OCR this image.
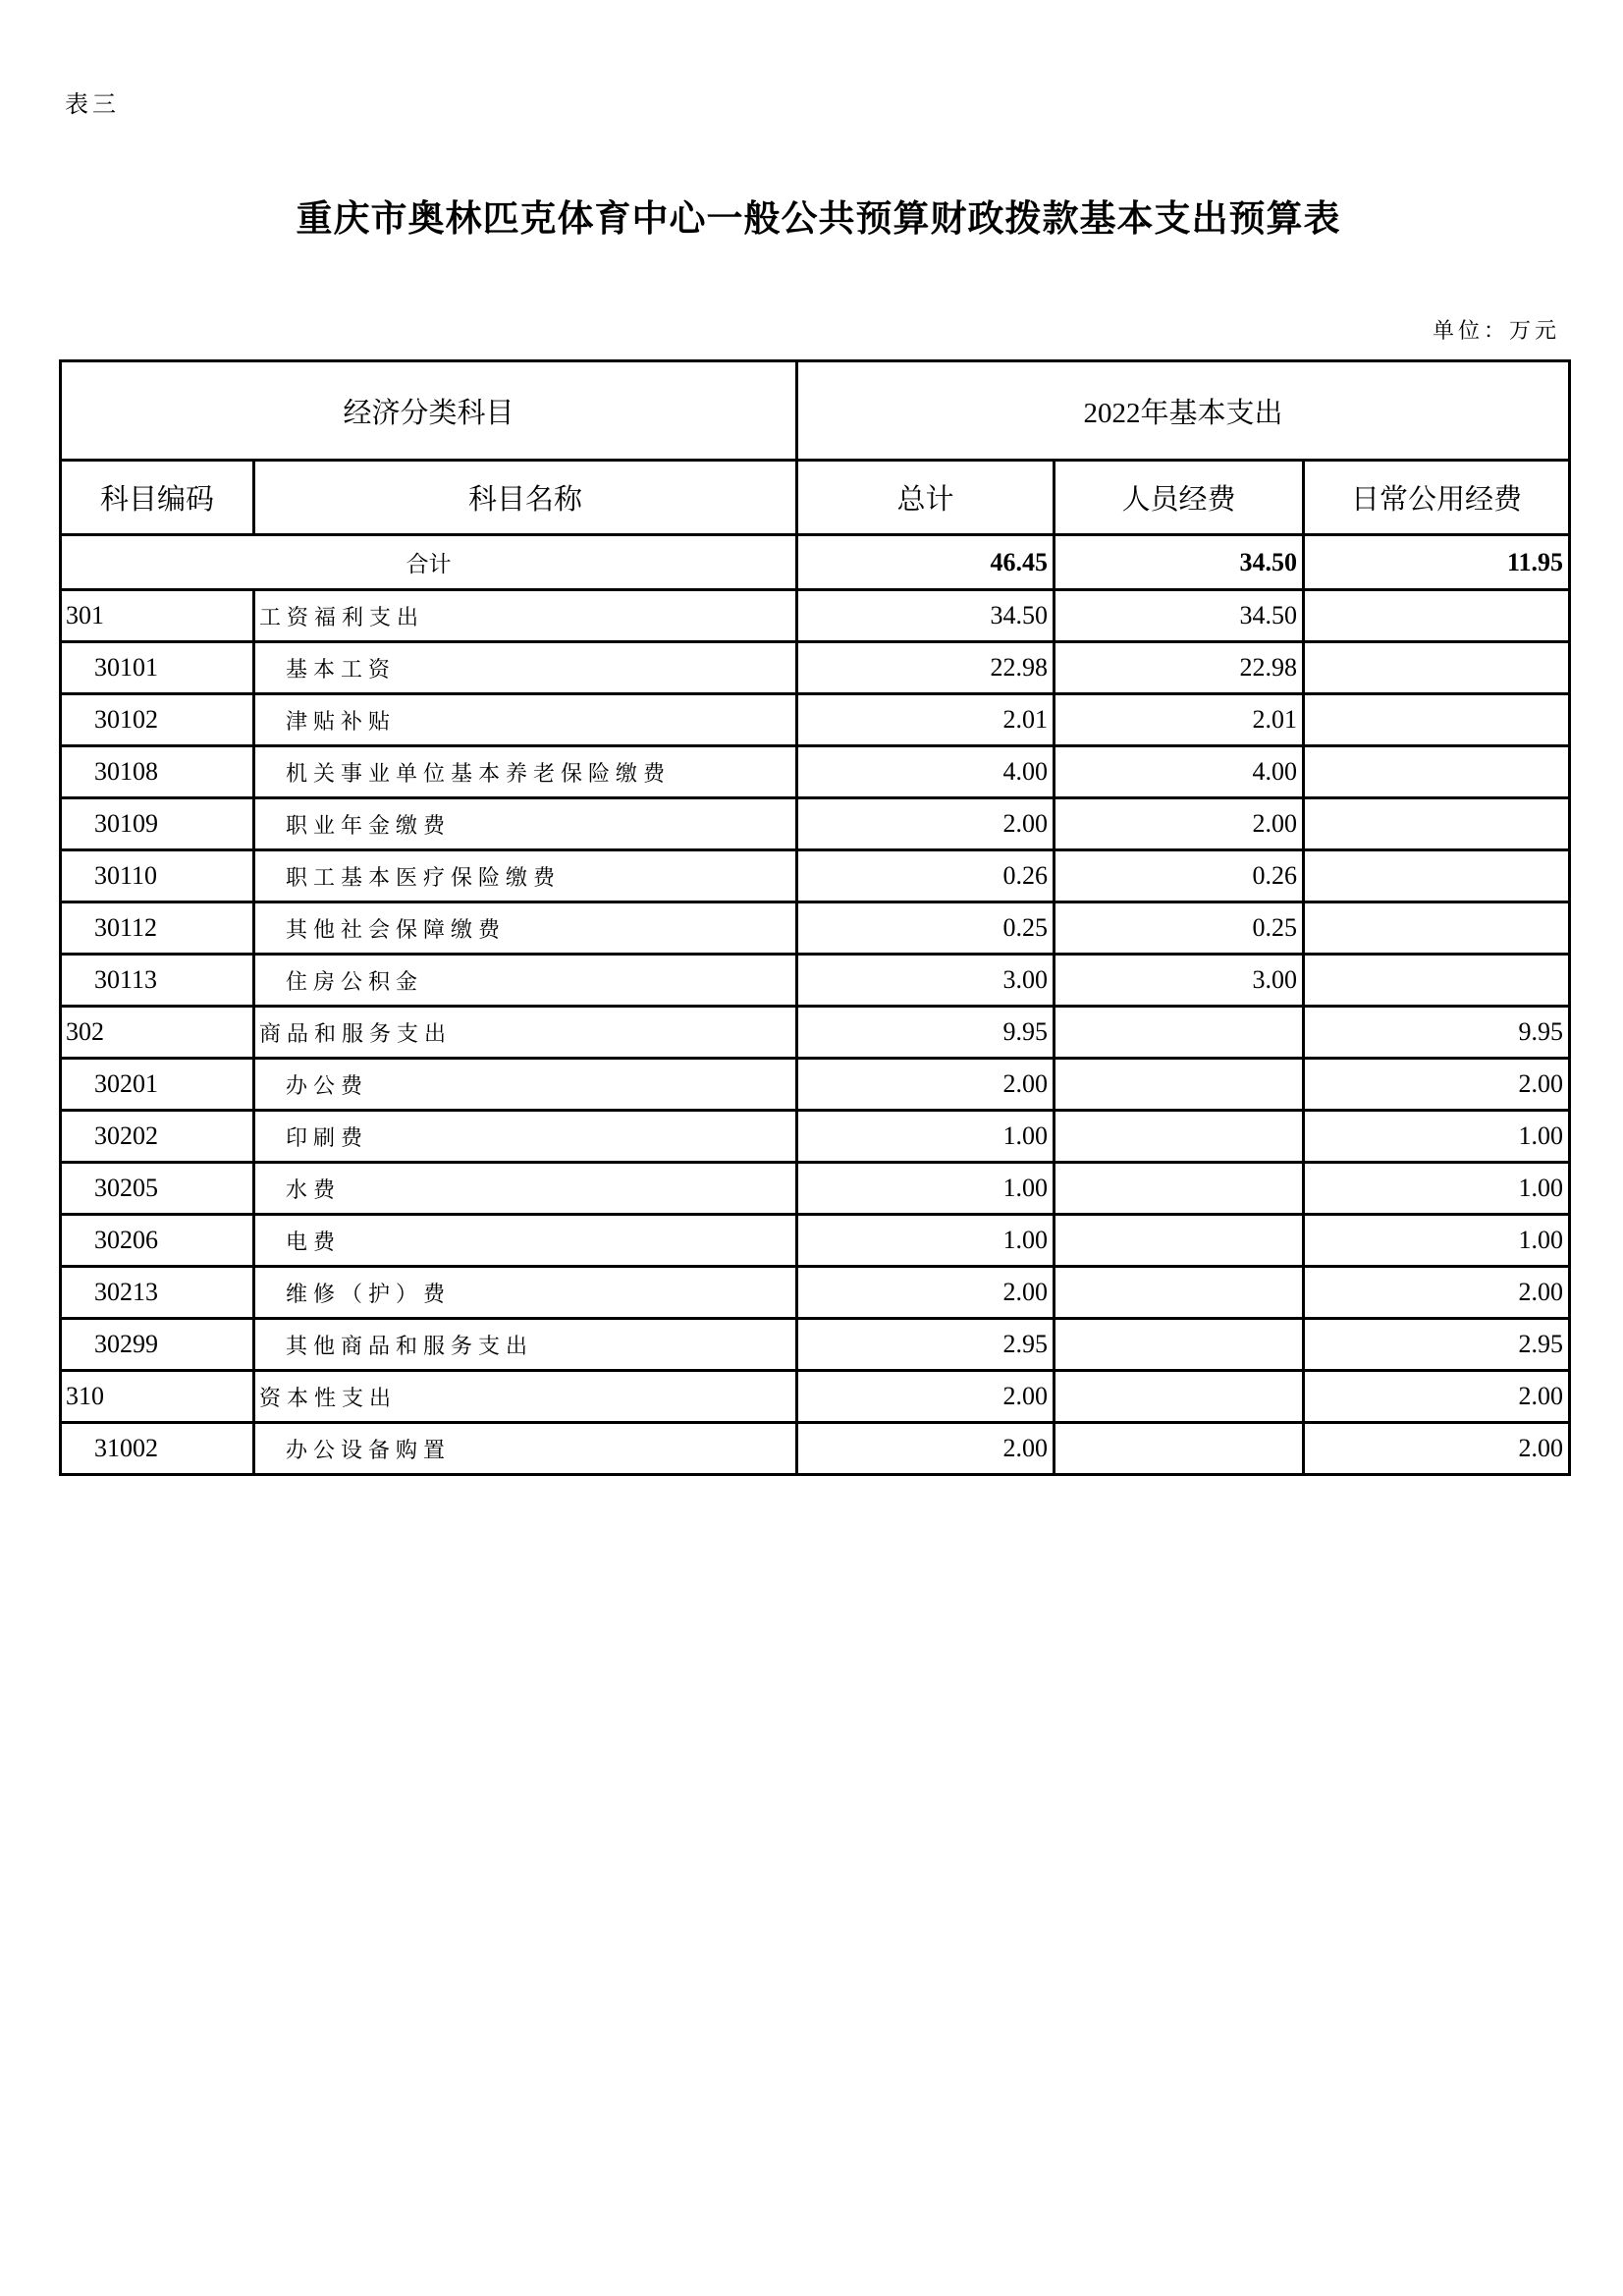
表三
重庆市奥林匹克体育中心一般公共预算财政拨款基本支出预算表
单位：万元
经济分类科目		2022年基本支出		
科目编码	科目名称	总计	人员经费	日常公用经费
合计		46.45	34.50	11.95
301	工资福利支出	34.50	34.50	
30101	基本工资	22.98	22.98	
30102	津贴补贴	2.01	2.01	
30108	机关事业单位基本养老保险缴费	4.00	4.00	
30109	职业年金缴费	2.00	2.00	
30110	职工基本医疗保险缴费	0.26	0.26	
30112	其他社会保障缴费	0.25	0.25	
30113	住房公积金	3.00	3.00	
302	商品和服务支出	9.95		9.95
30201	办公费	2.00		2.00
30202	印刷费	1.00		1.00
30205	水费	1.00		1.00
30206	电费	1.00		1.00
30213	维修（护）费	2.00		2.00
30299	其他商品和服务支出	2.95		2.95
310	资本性支出	2.00		2.00
31002	办公设备购置	2.00		2.00
